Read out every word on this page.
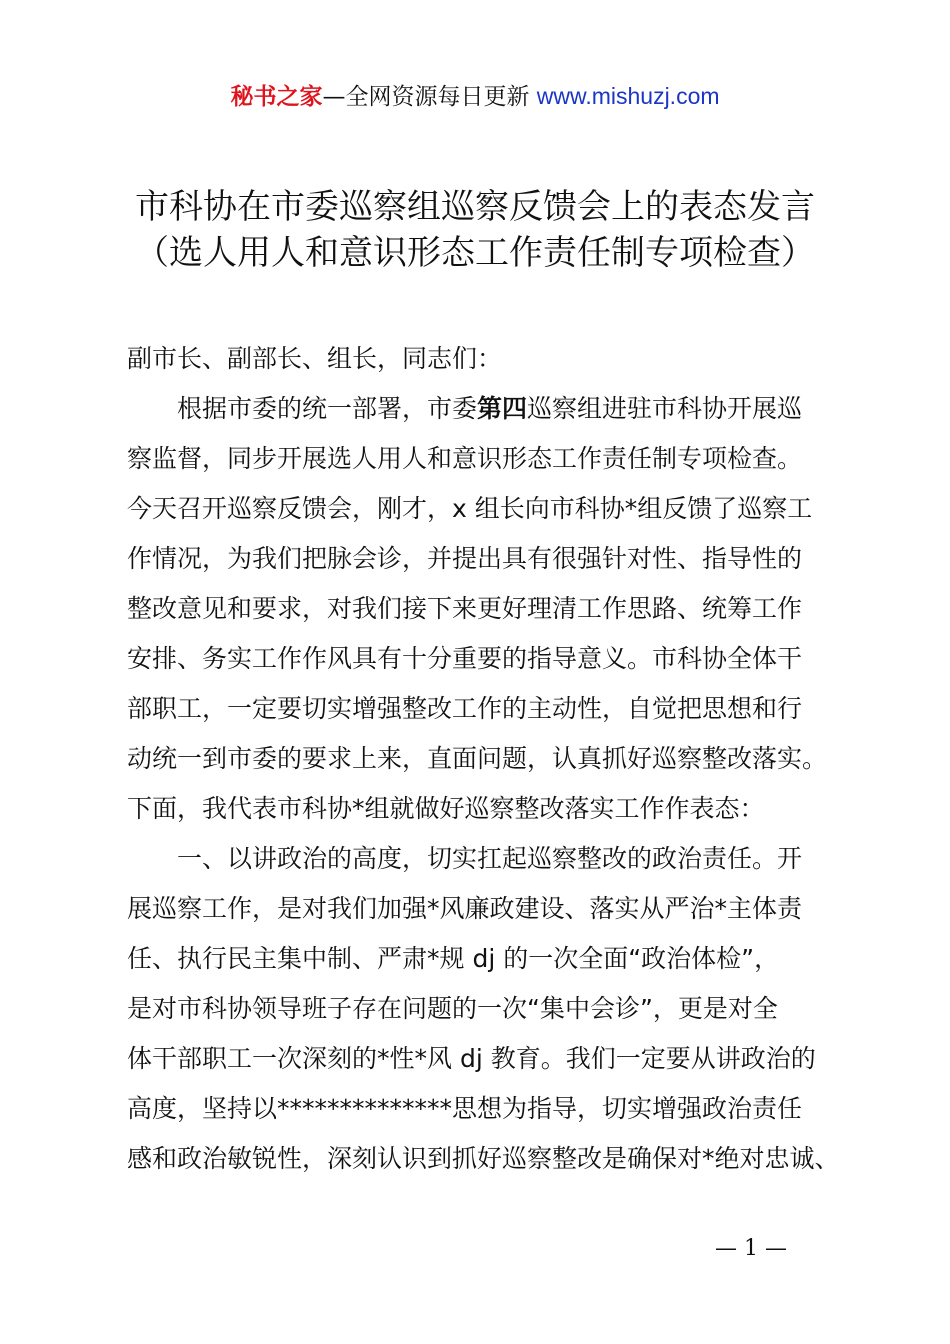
秘书之家—全网资源每日更新 www.mishuzj.com
市科协在市委巡察组巡察反馈会上的表态发言
（选人用人和意识形态工作责任制专项检查）
副市长、副部长、组长，同志们：
根据市委的统一部署，市委第四巡察组进驻市科协开展巡
察监督，同步开展选人用人和意识形态工作责任制专项检查。
今天召开巡察反馈会，刚才，x 组长向市科协*组反馈了巡察工
作情况，为我们把脉会诊，并提出具有很强针对性、指导性的
整改意见和要求，对我们接下来更好理清工作思路、统筹工作
安排、务实工作作风具有十分重要的指导意义。市科协全体干
部职工，一定要切实增强整改工作的主动性，自觉把思想和行
动统一到市委的要求上来，直面问题，认真抓好巡察整改落实。
下面，我代表市科协*组就做好巡察整改落实工作作表态：
一、以讲政治的高度，切实扛起巡察整改的政治责任。开
展巡察工作，是对我们加强*风廉政建设、落实从严治*主体责
任、执行民主集中制、严肃*规 dj 的一次全面“政治体检”，
是对市科协领导班子存在问题的一次“集中会诊”，更是对全
体干部职工一次深刻的*性*风 dj 教育。我们一定要从讲政治的
高度，坚持以**************思想为指导，切实增强政治责任
感和政治敏锐性，深刻认识到抓好巡察整改是确保对*绝对忠诚、
— 1 —
